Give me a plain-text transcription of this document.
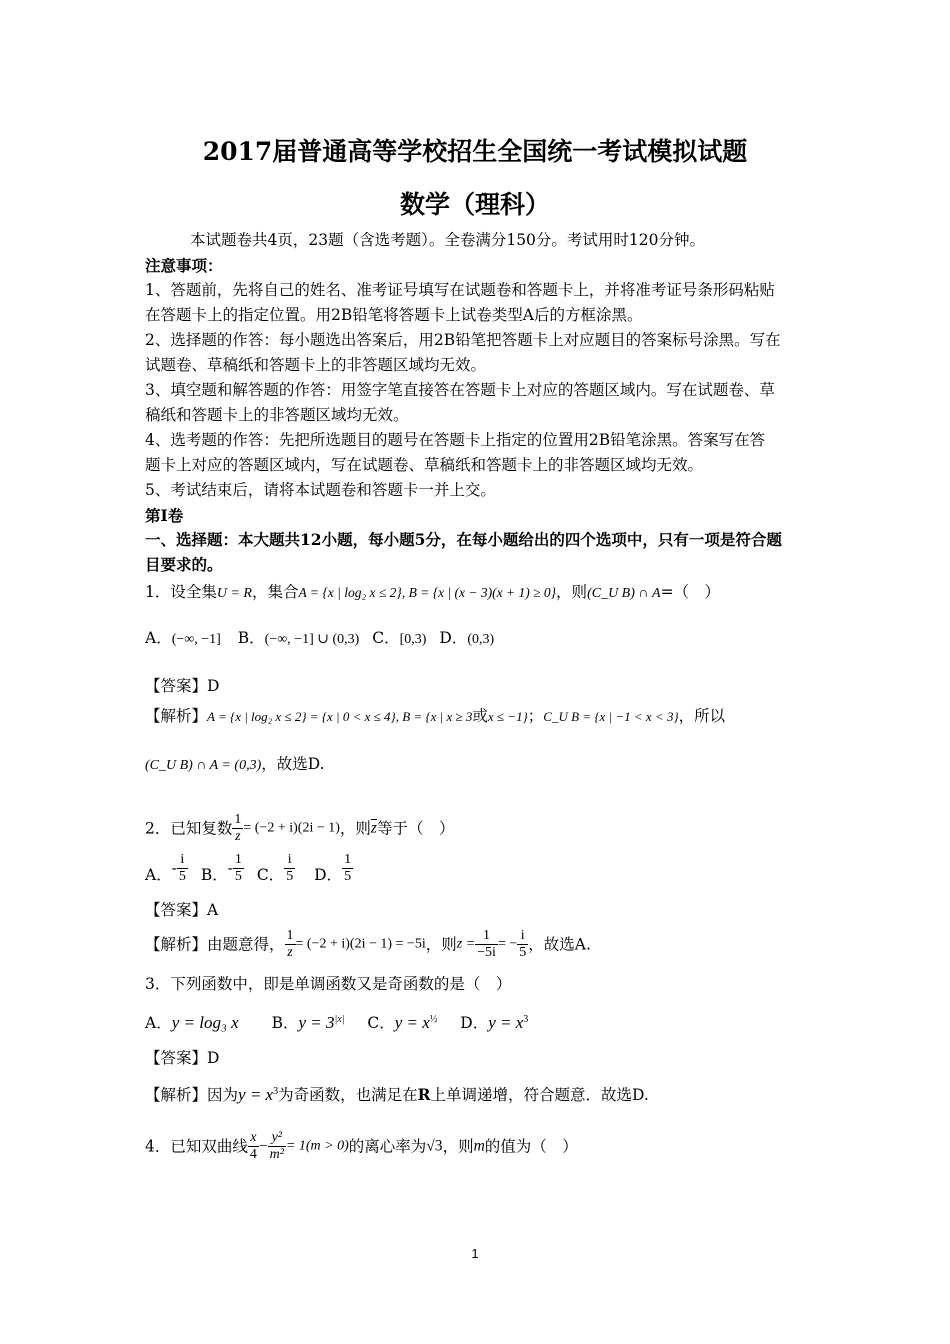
2017届普通高等学校招生全国统一考试模拟试题
数学（理科）
本试题卷共4页，23题（含选考题）。全卷满分150分。考试用时120分钟。
注意事项：
1、答题前，先将自己的姓名、准考证号填写在试题卷和答题卡上，并将准考证号条形码粘贴
在答题卡上的指定位置。用2B铅笔将答题卡上试卷类型A后的方框涂黑。
2、选择题的作答：每小题选出答案后，用2B铅笔把答题卡上对应题目的答案标号涂黑。写在
试题卷、草稿纸和答题卡上的非答题区域均无效。
3、填空题和解答题的作答：用签字笔直接答在答题卡上对应的答题区域内。写在试题卷、草
稿纸和答题卡上的非答题区域均无效。
4、选考题的作答：先把所选题目的题号在答题卡上指定的位置用2B铅笔涂黑。答案写在答
题卡上对应的答题区域内，写在试题卷、草稿纸和答题卡上的非答题区域均无效。
5、考试结束后，请将本试题卷和答题卡一并上交。
第Ⅰ卷
一、选择题：本大题共12小题，每小题5分，在每小题给出的四个选项中，只有一项是符合题
目要求的。
1．设全集U = R，集合A = {x | log₂ x ≤ 2}, B = {x | (x − 3)(x + 1) ≥ 0}，则(C_U B) ∩ A=（　）
A．(−∞, −1] B．(−∞, −1] ∪ (0,3) C．[0,3) D．(0,3)
【答案】D
【解析】A = {x | log₂ x ≤ 2} = {x | 0 < x ≤ 4}, B = {x | x ≥ 3或x ≤ −1}；C_U B = {x | −1 < x < 3}，所以
(C_U B) ∩ A = (0,3)，故选D.
2．已知复数 $\frac{1}{z} = (-2 + i)(2i - 1)$，则$\overline{z}$等于（　）
A．- $\frac{i}{5}$ B．- $\frac{1}{5}$ C． $\frac{i}{5}$ D． $\frac{1}{5}$
【答案】A
【解析】由题意得， $\frac{1}{z} = (-2 + i)(2i - 1) = -5i$，则$z = \frac{1}{-5i}$ = − $\frac{i}{5}$ ，故选A.
3．下列函数中，即是单调函数又是奇函数的是（　）
A．y = log₃ x B．$y = 3^{|x|}$ C．$y = x^{\frac{1}{2}}$ D．$y = x^3$
【答案】D
【解析】因为$y = x^3$为奇函数，也满足在R上单调递增，符合题意．故选D.
4．已知双曲线 $\frac{x}{4} - \frac{\text{y²}}{\text{m²}} = 1(m > 0)$的离心率为√3，则m的值为（　）
1
